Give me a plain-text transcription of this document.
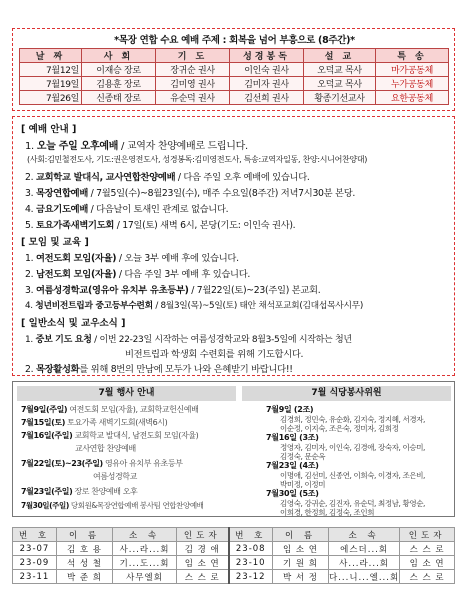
*목장 연합 수요 예배 주제 : 회복을 넘어 부흥으로 (8주간)*
날 짜	사 회	기 도	성경봉독	설 교	특 송
7월12일	이재승 장로	장귀순 권사	이인숙 권사	오덕교 목사	마가공동체
7월19일	김용훈 장로	김미영 권사	김미자 권사	오덕교 목사	누가공동체
7월26일	신종태 장로	유순덕 권사	김선희 권사	황종기선교사	요한공동체
[ 예배 안내 ]
1. 오늘 주일 오후예배 / 교역자 찬양예배로 드립니다.
(사회:김민철전도사, 기도:권은영전도사, 성경봉독:김미영전도사, 특송:교역자일동, 찬양:시니어찬양대)
2. 교회학교 발대식, 교사연합찬양예배 / 다음 주일 오후 예배에 있습니다.
3. 목장연합예배 / 7월5일(수)~8월23일(수), 매주 수요일(8주간) 저녁7시30분 본당.
4. 금요기도예배 / 다음날이 토새인 관계로 없습니다.
5. 토요가족새벽기도회 / 17일(토) 새벽 6시, 본당(기도: 이인숙 권사).
[ 모임 및 교육 ]
1. 여전도회 모임(자율) / 오늘 3부 예배 후에 있습니다.
2. 남전도회 모임(자율) / 다음 주일 3부 예배 후 있습니다.
3. 여름성경학교(영유아 유치부 유초등부) / 7월22일(토)~23(주일) 본교회.
4. 청년비전트립과 중고등부수련회 / 8월3일(목)~5일(토) 태안 채석포교회(김대섭목사시무)
[ 일반소식 및 교우소식 ]
1. 중보 기도 요청 / 이번 22-23일 시작하는 여름성경학교와 8월3-5일에 시작하는 청년
비전트립과 학생회 수련회를 위해 기도합시다.
2. 목장활성화를 위해 8번의 만남에 모두가 나와 은혜받기 바랍니다!!
7월 행사 안내	7월 식당봉사위원
7월9일(주일) 여전도회 모임(자율), 교회학교헌신예배
7월15일(토) 토요가족 새벽기도회(새벽6시)
7월16일(주일) 교회학교 발대식, 남전도회 모임(자율)
교사연합 찬양예배
7월22일(토)~23(주일) 영유아 유치부 유초등부
여름성경학교
7월23일(주일) 장로 찬양예배 오후
7월30일(주일) 당회원&목장연합예배 봉사팀 연합찬양예배
7월9일 (2조)
김경희, 정민숙, 유순화, 김지숙, 정지혜, 서경자,
이순정, 이지숙, 조은숙, 정미자, 김희정
7월16일 (3조)
정영자, 김미자, 이인숙, 김경애, 장숙자, 이승미,
김정숙, 문순옥
7월23일 (4조)
이명애, 김선미, 신종연, 이희숙, 이경자, 조은비,
박미정, 이정미
7월30일 (5조)
김영숙, 강귀순, 김진자, 유순덕, 최정남, 황영순,
이희경, 한정희, 김정숙, 조인희
번 호	이 름	소 속	인도자	번 호	이 름	소 속	인도자
23-07	김 호 용	사...라...회	김 경 애	23-08	임 소 연	에스더...회	스 스 로
23-09	석 성 철	기...도...회	임 소 연	23-10	기 원 희	사...라...회	임 소 연
23-11	박 준 희	사무엘회	스 스 로	23-12	박 서 정	다...니...엘...회	스 스 로
